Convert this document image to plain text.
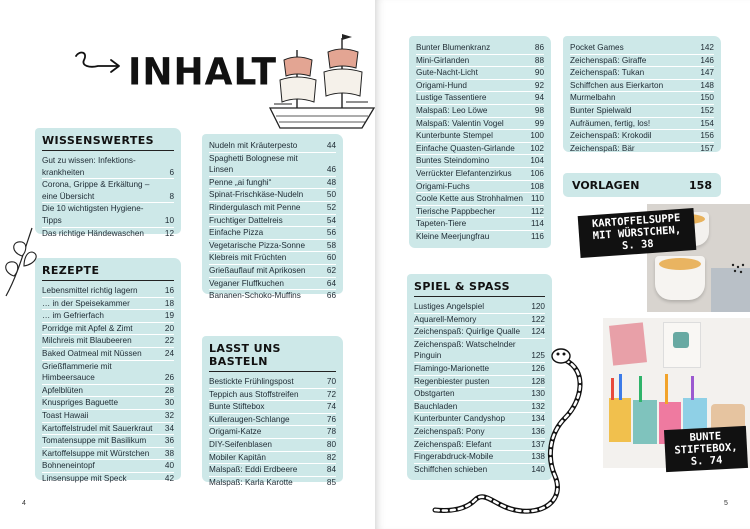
INHALT
WISSENSWERTES
Gut zu wissen: Infektions-krankheiten	6
Corona, Grippe & Erkältung – eine Übersicht	8
Die 10 wichtigsten Hygiene-Tipps	10
Das richtige Händewaschen	12
REZEPTE
Lebensmittel richtig lagern	16
… in der Speisekammer	18
… im Gefrierfach	19
Porridge mit Apfel & Zimt	20
Milchreis mit Blaubeeren	22
Baked Oatmeal mit Nüssen	24
Grießflammerie mit Himbeersauce	26
Apfelblüten	28
Knuspriges Baguette	30
Toast Hawaii	32
Kartoffelstrudel mit Sauerkraut	34
Tomatensuppe mit Basilikum	36
Kartoffelsuppe mit Würstchen	38
Bohneneintopf	40
Linsensuppe mit Speck	42
Nudeln mit Kräuterpesto	44
Spaghetti Bolognese mit Linsen	46
Penne „ai funghi“	48
Spinat-Frischkäse-Nudeln	50
Rindergulasch mit Penne	52
Fruchtiger Dattelreis	54
Einfache Pizza	56
Vegetarische Pizza-Sonne	58
Klebreis mit Früchten	60
Grießauflauf mit Aprikosen	62
Veganer Fluffkuchen	64
Bananen-Schoko-Muffins	66
LASST UNS BASTELN
Bestickte Frühlingspost	70
Teppich aus Stoffstreifen	72
Bunte Stiftebox	74
Kulleraugen-Schlange	76
Origami-Katze	78
DIY-Seifenblasen	80
Mobiler Kapitän	82
Malspaß: Eddi Erdbeere	84
Malspaß: Karla Karotte	85
4
Bunter Blumenkranz	86
Mini-Girlanden	88
Gute-Nacht-Licht	90
Origami-Hund	92
Lustige Tassentiere	94
Malspaß: Leo Löwe	98
Malspaß: Valentin Vogel	99
Kunterbunte Stempel	100
Einfache Quasten-Girlande	102
Buntes Steindomino	104
Verrückter Elefantenzirkus	106
Origami-Fuchs	108
Coole Kette aus Strohhalmen 110
Tierische Pappbecher	112
Tapeten-Tiere	114
Kleine Meerjungfrau	116
SPIEL & SPASS
Lustiges Angelspiel	120
Aquarell-Memory	122
Zeichenspaß: Quirlige Qualle	124
Zeichenspaß: Watschelnder Pinguin	125
Flamingo-Marionette	126
Regenbiester pusten	128
Obstgarten	130
Bauchladen	132
Kunterbunter Candyshop	134
Zeichenspaß: Pony	136
Zeichenspaß: Elefant	137
Fingerabdruck-Mobile	138
Schiffchen schieben	140
Pocket Games	142
Zeichenspaß: Giraffe	146
Zeichenspaß: Tukan	147
Schiffchen aus Eierkarton	148
Murmelbahn	150
Bunter Spielwald	152
Aufräumen, fertig, los!	154
Zeichenspaß: Krokodil	156
Zeichenspaß: Bär	157
VORLAGEN	158
KARTOFFELSUPPE MIT WÜRSTCHEN, S. 38
BUNTE STIFTEBOX, S. 74
5
